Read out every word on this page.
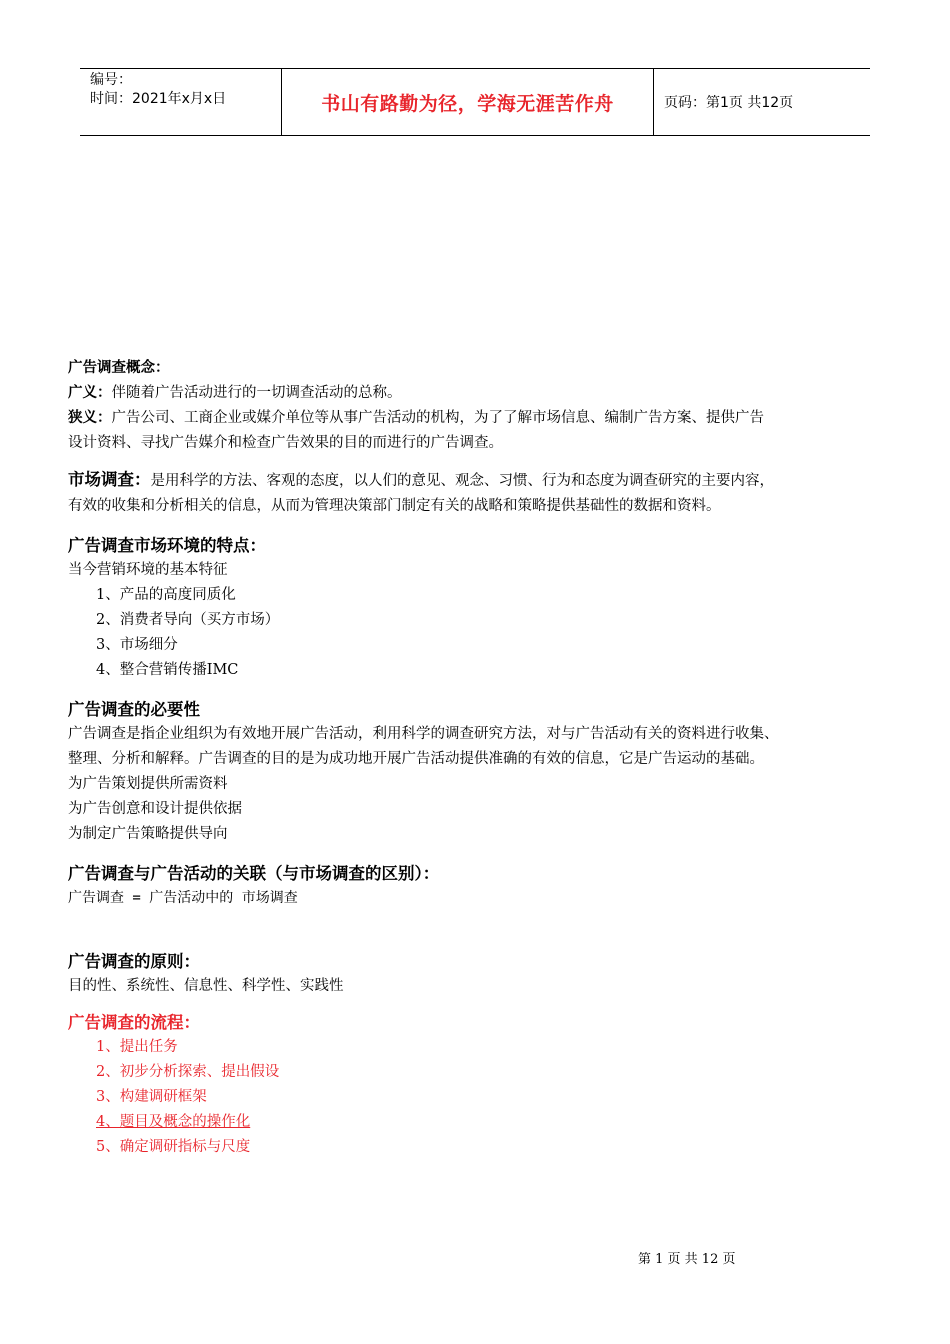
编号：
时间：2021年x月x日	书山有路勤为径，学海无涯苦作舟	页码：第1页 共12页

广告调查概念：

广义：伴随着广告活动进行的一切调查活动的总称。

狭义：广告公司、工商企业或媒介单位等从事广告活动的机构，为了了解市场信息、编制广告方案、提供广告

设计资料、寻找广告媒介和检查广告效果的目的而进行的广告调查。

市场调查：是用科学的方法、客观的态度，以人们的意见、观念、习惯、行为和态度为调查研究的主要内容，

有效的收集和分析相关的信息，从而为管理决策部门制定有关的战略和策略提供基础性的数据和资料。

广告调查市场环境的特点：

当今营销环境的基本特征

1、产品的高度同质化

2、消费者导向（买方市场）

3、市场细分

4、整合营销传播IMC

广告调查的必要性

广告调查是指企业组织为有效地开展广告活动，利用科学的调查研究方法，对与广告活动有关的资料进行收集、

整理、分析和解释。广告调查的目的是为成功地开展广告活动提供准确的有效的信息，它是广告运动的基础。

为广告策划提供所需资料

为广告创意和设计提供依据

为制定广告策略提供导向

广告调查与广告活动的关联（与市场调查的区别）：

广告调查 = 广告活动中的 市场调查

广告调查的原则：

目的性、系统性、信息性、科学性、实践性

广告调查的流程：

1、提出任务

2、初步分析探索、提出假设

3、构建调研框架

4、题目及概念的操作化

5、确定调研指标与尺度

第 1 页 共 12 页
